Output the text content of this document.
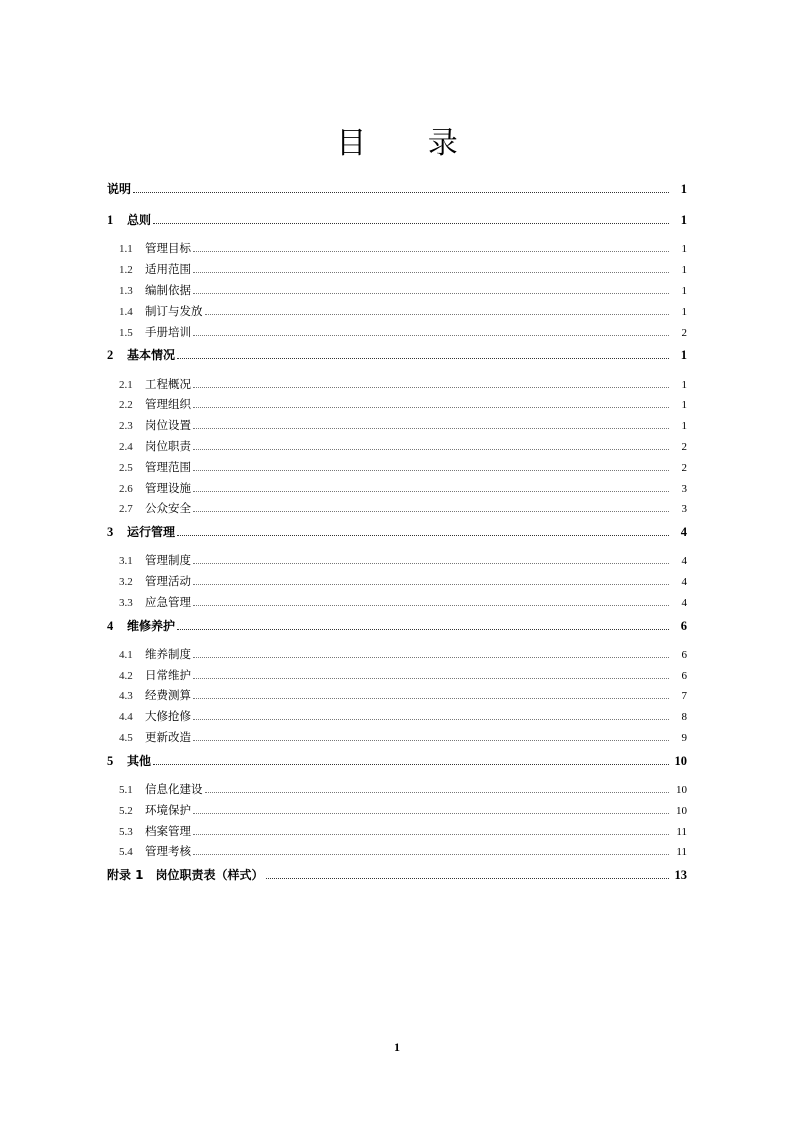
目 录
说明	1
1	总则	1
1.1	管理目标	1
1.2	适用范围	1
1.3	编制依据	1
1.4	制订与发放	1
1.5	手册培训	2
2	基本情况	1
2.1	工程概况	1
2.2	管理组织	1
2.3	岗位设置	1
2.4	岗位职责	2
2.5	管理范围	2
2.6	管理设施	3
2.7	公众安全	3
3	运行管理	4
3.1	管理制度	4
3.2	管理活动	4
3.3	应急管理	4
4	维修养护	6
4.1	维养制度	6
4.2	日常维护	6
4.3	经费测算	7
4.4	大修抢修	8
4.5	更新改造	9
5	其他	10
5.1	信息化建设	10
5.2	环境保护	10
5.3	档案管理	11
5.4	管理考核	11
附录 1　岗位职责表（样式）	13
1
